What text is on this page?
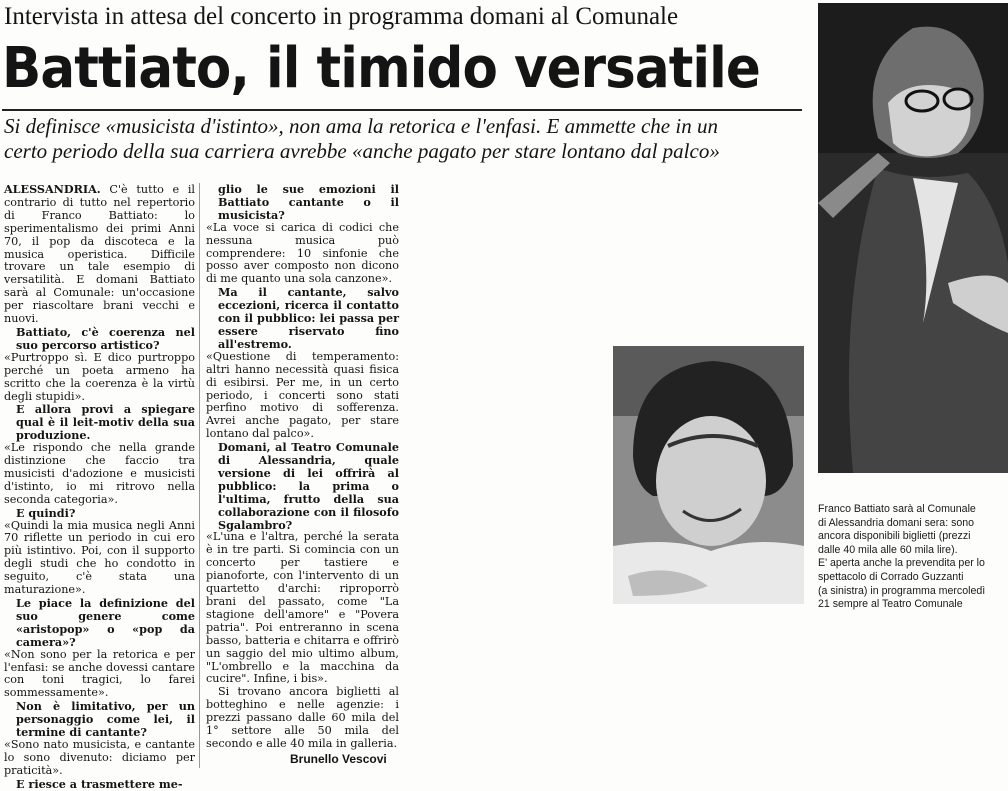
Intervista in attesa del concerto in programma domani al Comunale
Battiato, il timido versatile
Si definisce «musicista d'istinto», non ama la retorica e l'enfasi. E ammette che in un
certo periodo della sua carriera avrebbe «anche pagato per stare lontano dal palco»

ALESSANDRIA. C'è tutto e il contrario di tutto nel repertorio di Franco Battiato: lo sperimentalismo dei primi Anni 70, il pop da discoteca e la musica operistica. Difficile trovare un tale esempio di versatilità. E domani Battiato sarà al Comunale: un'occasione per riascoltare brani vecchi e nuovi.

Battiato, c'è coerenza nel suo percorso artistico?

«Purtroppo sì. E dico purtroppo perché un poeta armeno ha scritto che la coerenza è la virtù degli stupidi».

E allora provi a spiegare qual è il leit-motiv della sua produzione.

«Le rispondo che nella grande distinzione che faccio tra musicisti d'adozione e musicisti d'istinto, io mi ritrovo nella seconda categoria».

E quindi?

«Quindi la mia musica negli Anni 70 riflette un periodo in cui ero più istintivo. Poi, con il supporto degli studi che ho condotto in seguito, c'è stata una maturazione».

Le piace la definizione del suo genere come «aristopop» o «pop da camera»?

«Non sono per la retorica e per l'enfasi: se anche dovessi cantare con toni tragici, lo farei sommessamente».

Non è limitativo, per un personaggio come lei, il termine di cantante?

«Sono nato musicista, e cantante lo sono divenuto: diciamo per praticità».

E riesce a trasmettere me-

glio le sue emozioni il Battiato cantante o il musicista?

«La voce si carica di codici che nessuna musica può comprendere: 10 sinfonie che posso aver composto non dicono di me quanto una sola canzone».

Ma il cantante, salvo eccezioni, ricerca il contatto con il pubblico: lei passa per essere riservato fino all'estremo.

«Questione di temperamento: altri hanno necessità quasi fisica di esibirsi. Per me, in un certo periodo, i concerti sono stati perfino motivo di sofferenza. Avrei anche pagato, per stare lontano dal palco».

Domani, al Teatro Comunale di Alessandria, quale versione di lei offrirà al pubblico: la prima o l'ultima, frutto della sua collaborazione con il filosofo Sgalambro?

«L'una e l'altra, perché la serata è in tre parti. Si comincia con un concerto per tastiere e pianoforte, con l'intervento di un quartetto d'archi: riproporrò brani del passato, come "La stagione dell'amore" e "Povera patria". Poi entreranno in scena basso, batteria e chitarra e offrirò un saggio del mio ultimo album, "L'ombrello e la macchina da cucire". Infine, i bis».

Si trovano ancora biglietti al botteghino e nelle agenzie: i prezzi passano dalle 60 mila del 1° settore alle 50 mila del secondo e alle 40 mila in galleria.

Brunello Vescovi
Franco Battiato sarà al Comunale
di Alessandria domani sera: sono
ancora disponibili biglietti (prezzi
dalle 40 mila alle 60 mila lire).
E' aperta anche la prevendita per lo
spettacolo di Corrado Guzzanti
(a sinistra) in programma mercoledì
21 sempre al Teatro Comunale
